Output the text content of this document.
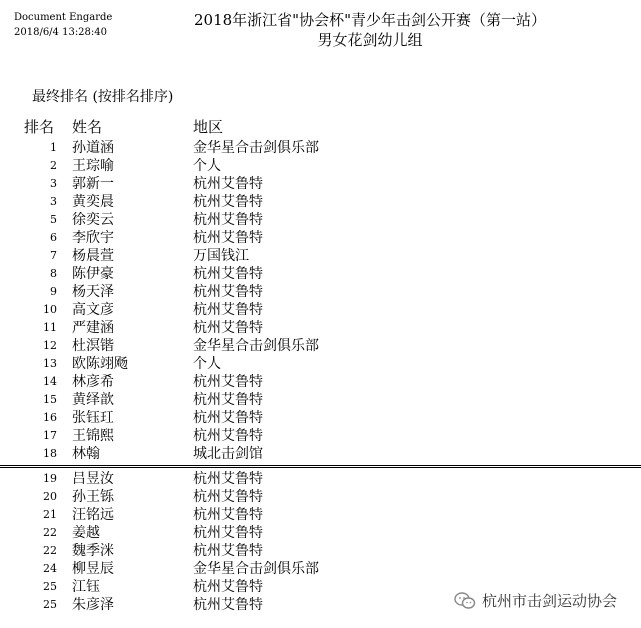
Document Engarde
2018/6/4 13:28:40
2018年浙江省"协会杯"青少年击剑公开赛（第一站）
男女花剑幼儿组
最终排名 (按排名排序)
排名 姓名	地区
1 孙道涵	金华星合击剑俱乐部
2 王琮喻	个人
3 郭新一	杭州艾鲁特
3 黄奕晨	杭州艾鲁特
5 徐奕云	杭州艾鲁特
6 李欣宇	杭州艾鲁特
7 杨晨萱	万国钱江
8 陈伊豪	杭州艾鲁特
9 杨天泽	杭州艾鲁特
10 高文彦	杭州艾鲁特
11 严建涵	杭州艾鲁特
12 杜溟锴	金华星合击剑俱乐部
13 欧陈翊飏	个人
14 林彦希	杭州艾鲁特
15 黄绎歆	杭州艾鲁特
16 张钰玒	杭州艾鲁特
17 王锦熙	杭州艾鲁特
18 林翰	城北击剑馆
19 吕昱汝	杭州艾鲁特
20 孙王铄	杭州艾鲁特
21 汪铭远	杭州艾鲁特
22 姜越	杭州艾鲁特
22 魏季洣	杭州艾鲁特
24 柳昱辰	金华星合击剑俱乐部
25 江钰	杭州艾鲁特
25 朱彦泽	杭州艾鲁特	杭州市击剑运动协会
